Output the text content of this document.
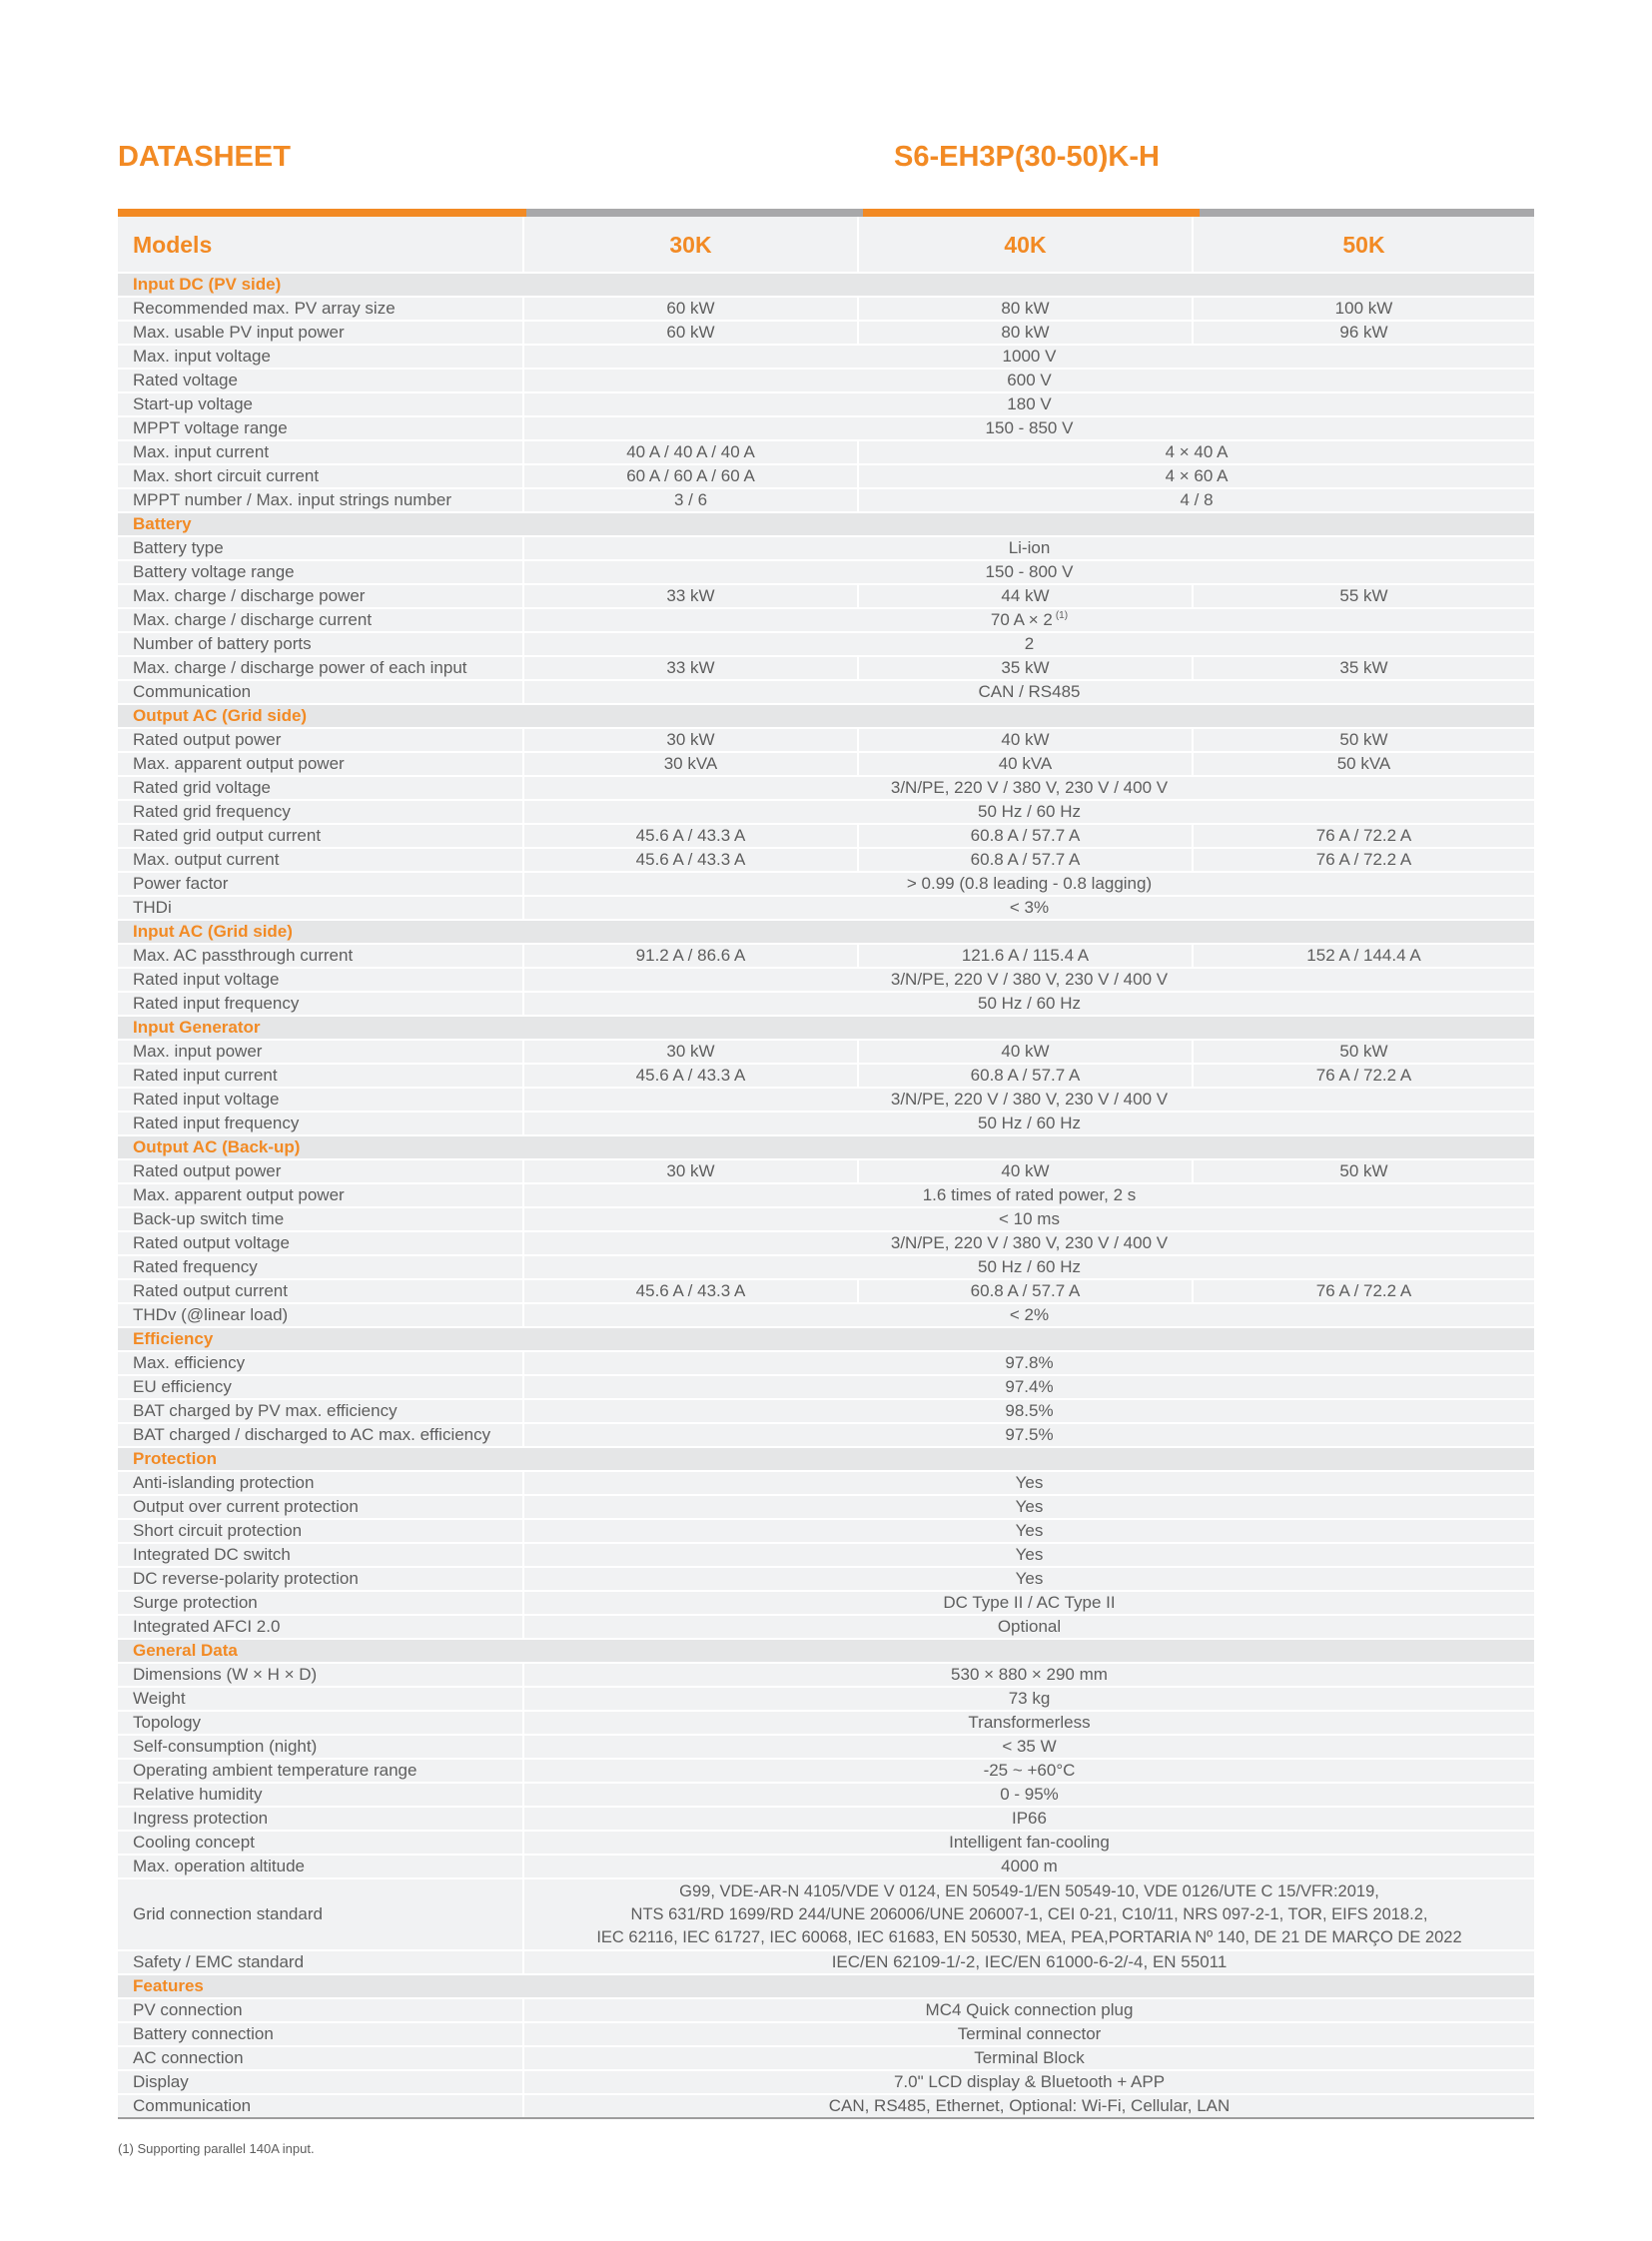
DATASHEET	S6-EH3P(30-50)K-H
Models	30K	40K	50K
Input DC (PV side)
Recommended max. PV array size	60 kW	80 kW	100 kW
Max. usable PV input power	60 kW	80 kW	96 kW
Max. input voltage	1000 V
Rated voltage	600 V
Start-up voltage	180 V
MPPT voltage range	150 - 850 V
Max. input current	40 A / 40 A / 40 A	4 × 40 A
Max. short circuit current	60 A / 60 A / 60 A	4 × 60 A
MPPT number / Max. input strings number	3 / 6	4 / 8
Battery
Battery type	Li-ion
Battery voltage range	150 - 800 V
Max. charge / discharge power	33 kW	44 kW	55 kW
Max. charge / discharge current	70 A × 2 $^{(1)}$
Number of battery ports	2
Max. charge / discharge power of each input	33 kW	35 kW	35 kW
Communication	CAN / RS485
Output AC (Grid side)
Rated output power	30 kW	40 kW	50 kW
Max. apparent output power	30 kVA	40 kVA	50 kVA
Rated grid voltage	3/N/PE, 220 V / 380 V, 230 V / 400 V
Rated grid frequency	50 Hz / 60 Hz
Rated grid output current	45.6 A / 43.3 A	60.8 A / 57.7 A	76 A / 72.2 A
Max. output current	45.6 A / 43.3 A	60.8 A / 57.7 A	76 A / 72.2 A
Power factor	> 0.99 (0.8 leading - 0.8 lagging)
THDi	< 3%
Input AC (Grid side)
Max. AC passthrough current	91.2 A / 86.6 A	121.6 A / 115.4 A	152 A / 144.4 A
Rated input voltage	3/N/PE, 220 V / 380 V, 230 V / 400 V
Rated input frequency	50 Hz / 60 Hz
Input Generator
Max. input power	30 kW	40 kW	50 kW
Rated input current	45.6 A / 43.3 A	60.8 A / 57.7 A	76 A / 72.2 A
Rated input voltage	3/N/PE, 220 V / 380 V, 230 V / 400 V
Rated input frequency	50 Hz / 60 Hz
Output AC (Back-up)
Rated output power	30 kW	40 kW	50 kW
Max. apparent output power	1.6 times of rated power, 2 s
Back-up switch time	< 10 ms
Rated output voltage	3/N/PE, 220 V / 380 V, 230 V / 400 V
Rated frequency	50 Hz / 60 Hz
Rated output current	45.6 A / 43.3 A	60.8 A / 57.7 A	76 A / 72.2 A
THDv (@linear load)	< 2%
Efficiency
Max. efficiency	97.8%
EU efficiency	97.4%
BAT charged by PV max. efficiency	98.5%
BAT charged / discharged to AC max. efficiency	97.5%
Protection
Anti-islanding protection	Yes
Output over current protection	Yes
Short circuit protection	Yes
Integrated DC switch	Yes
DC reverse-polarity protection	Yes
Surge protection	DC Type II / AC Type II
Integrated AFCI 2.0	Optional
General Data
Dimensions (W × H × D)	530 × 880 × 290 mm
Weight	73 kg
Topology	Transformerless
Self-consumption (night)	< 35 W
Operating ambient temperature range	-25 ~ +60°C
Relative humidity	0 - 95%
Ingress protection	IP66
Cooling concept	Intelligent fan-cooling
Max. operation altitude	4000 m
Grid connection standard
G99, VDE-AR-N 4105/VDE V 0124, EN 50549-1/EN 50549-10, VDE 0126/UTE C 15/VFR:2019,
NTS 631/RD 1699/RD 244/UNE 206006/UNE 206007-1, CEI 0-21, C10/11, NRS 097-2-1, TOR, EIFS 2018.2,
IEC 62116, IEC 61727, IEC 60068, IEC 61683, EN 50530, MEA, PEA,PORTARIA Nº 140, DE 21 DE MARÇO DE 2022
Safety / EMC standard	IEC/EN 62109-1/-2, IEC/EN 61000-6-2/-4, EN 55011
Features
PV connection	MC4 Quick connection plug
Battery connection	Terminal connector
AC connection	Terminal Block
Display	7.0" LCD display & Bluetooth + APP
Communication	CAN, RS485, Ethernet, Optional: Wi-Fi, Cellular, LAN
(1) Supporting parallel 140A input.
